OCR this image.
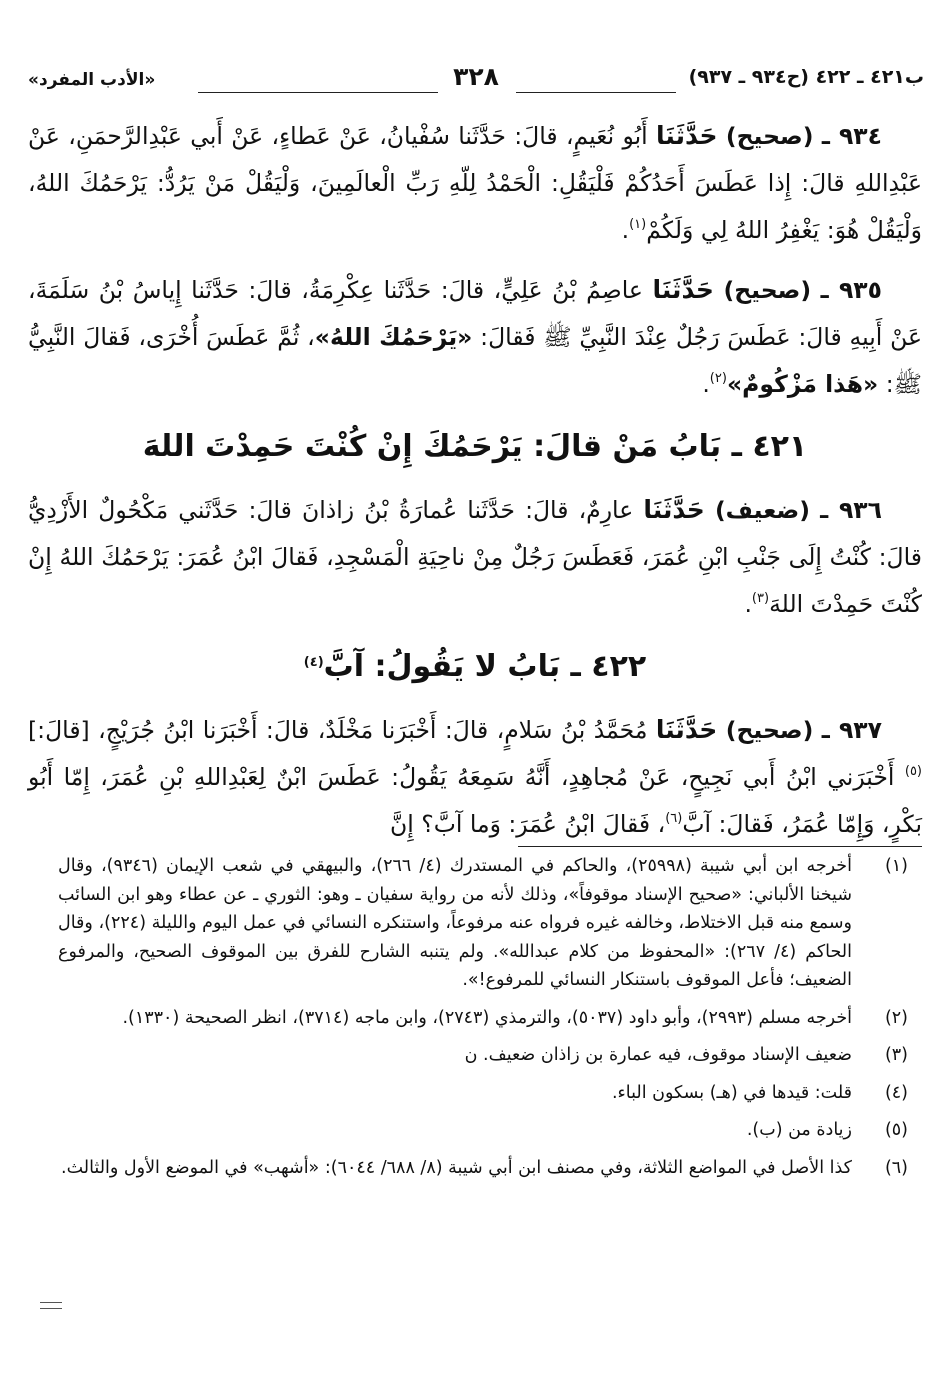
ب٤٢١ ـ ٤٢٢ (ح٩٣٤ ـ ٩٣٧)
٣٢٨
«الأدب المفرد»

٩٣٤ ـ (صحيح) حَدَّثَنَا أَبُو نُعَيمٍ، قالَ: حَدَّثَنا سُفْيانُ، عَنْ عَطاءٍ، عَنْ أَبي عَبْدِالرَّحمَنِ، عَنْ عَبْدِاللهِ قالَ: إِذا عَطَسَ أَحَدُكُمْ فَلْيَقُلِ: الْحَمْدُ لِلّهِ رَبِّ الْعالَمِينَ، وَلْيَقُلْ مَنْ يَرُدُّ: يَرْحَمُكَ اللهُ، وَلْيَقُلْ هُوَ: يَغْفِرُ اللهُ لِي وَلَكُمْ$^{(١)}$.

٩٣٥ ـ (صحيح) حَدَّثَنَا عاصِمُ بْنُ عَلِيٍّ، قالَ: حَدَّثَنا عِكْرِمَةُ، قالَ: حَدَّثَنا إِياسُ بْنُ سَلَمَةَ، عَنْ أَبِيهِ قالَ: عَطَسَ رَجُلٌ عِنْدَ النَّبِيِّ ﷺ فَقالَ: «يَرْحَمُكَ اللهُ»، ثُمَّ عَطَسَ أُخْرَى، فَقالَ النَّبِيُّ ﷺ: «هَذا مَزْكُومٌ»$^{(٢)}$.

٤٢١ ـ بَابُ مَنْ قالَ: يَرْحَمُكَ إِنْ كُنْتَ حَمِدْتَ اللهَ

٩٣٦ ـ (ضعيف) حَدَّثَنَا عارِمٌ، قالَ: حَدَّثَنا عُمارَةُ بْنُ زاذانَ قالَ: حَدَّثَني مَكْحُولٌ الأَزْدِيُّ قالَ: كُنْتُ إِلَى جَنْبِ ابْنِ عُمَرَ، فَعَطَسَ رَجُلٌ مِنْ ناحِيَةِ الْمَسْجِدِ، فَقالَ ابْنُ عُمَرَ: يَرْحَمُكَ اللهُ إِنْ كُنْتَ حَمِدْتَ اللهَ$^{(٣)}$.

٤٢٢ ـ بَابُ لا يَقُولُ: آبَّ$^{(٤)}$

٩٣٧ ـ (صحيح) حَدَّثَنَا مُحَمَّدُ بْنُ سَلامٍ، قالَ: أَخْبَرَنا مَخْلَدٌ، قالَ: أَخْبَرَنا ابْنُ جُرَيْجٍ، [قالَ:]$^{(٥)}$ أَخْبَرَني ابْنُ أَبي نَجِيحٍ، عَنْ مُجاهِدٍ، أَنَّهُ سَمِعَهُ يَقُولُ: عَطَسَ ابْنٌ لِعَبْدِاللهِ بْنِ عُمَرَ، إِمّا أَبُو بَكْرٍ، وَإِمّا عُمَرُ، فَقالَ: آبَّ$^{(٦)}$، فَقالَ ابْنُ عُمَرَ: وَما آبَّ؟ إِنَّ

(١)
أخرجه ابن أبي شيبة (٢٥٩٩٨)، والحاكم في المستدرك (٤/ ٢٦٦)، والبيهقي في شعب الإيمان (٩٣٤٦)، وقال شيخنا الألباني: «صحيح الإسناد موقوفاً»، وذلك لأنه من رواية سفيان ـ وهو: الثوري ـ عن عطاء وهو ابن السائب وسمع منه قبل الاختلاط، وخالفه غيره فرواه عنه مرفوعاً، واستنكره النسائي في عمل اليوم والليلة (٢٢٤)، وقال الحاكم (٤/ ٢٦٧): «المحفوظ من كلام عبدالله». ولم يتنبه الشارح للفرق بين الموقوف الصحيح، والمرفوع الضعيف؛ فأعل الموقوف باستنكار النسائي للمرفوع!».
(٢)
أخرجه مسلم (٢٩٩٣)، وأبو داود (٥٠٣٧)، والترمذي (٢٧٤٣)، وابن ماجه (٣٧١٤)، انظر الصحيحة (١٣٣٠).
(٣)
ضعيف الإسناد موقوف، فيه عمارة بن زاذان ضعيف. ن
(٤)
قلت: قيدها في (هـ) بسكون الباء.
(٥)
زيادة من (ب).
(٦)
كذا الأصل في المواضع الثلاثة، وفي مصنف ابن أبي شيبة (٨/ ٦٨٨/ ٦٠٤٤): «أشهب» في الموضع الأول والثالث.
